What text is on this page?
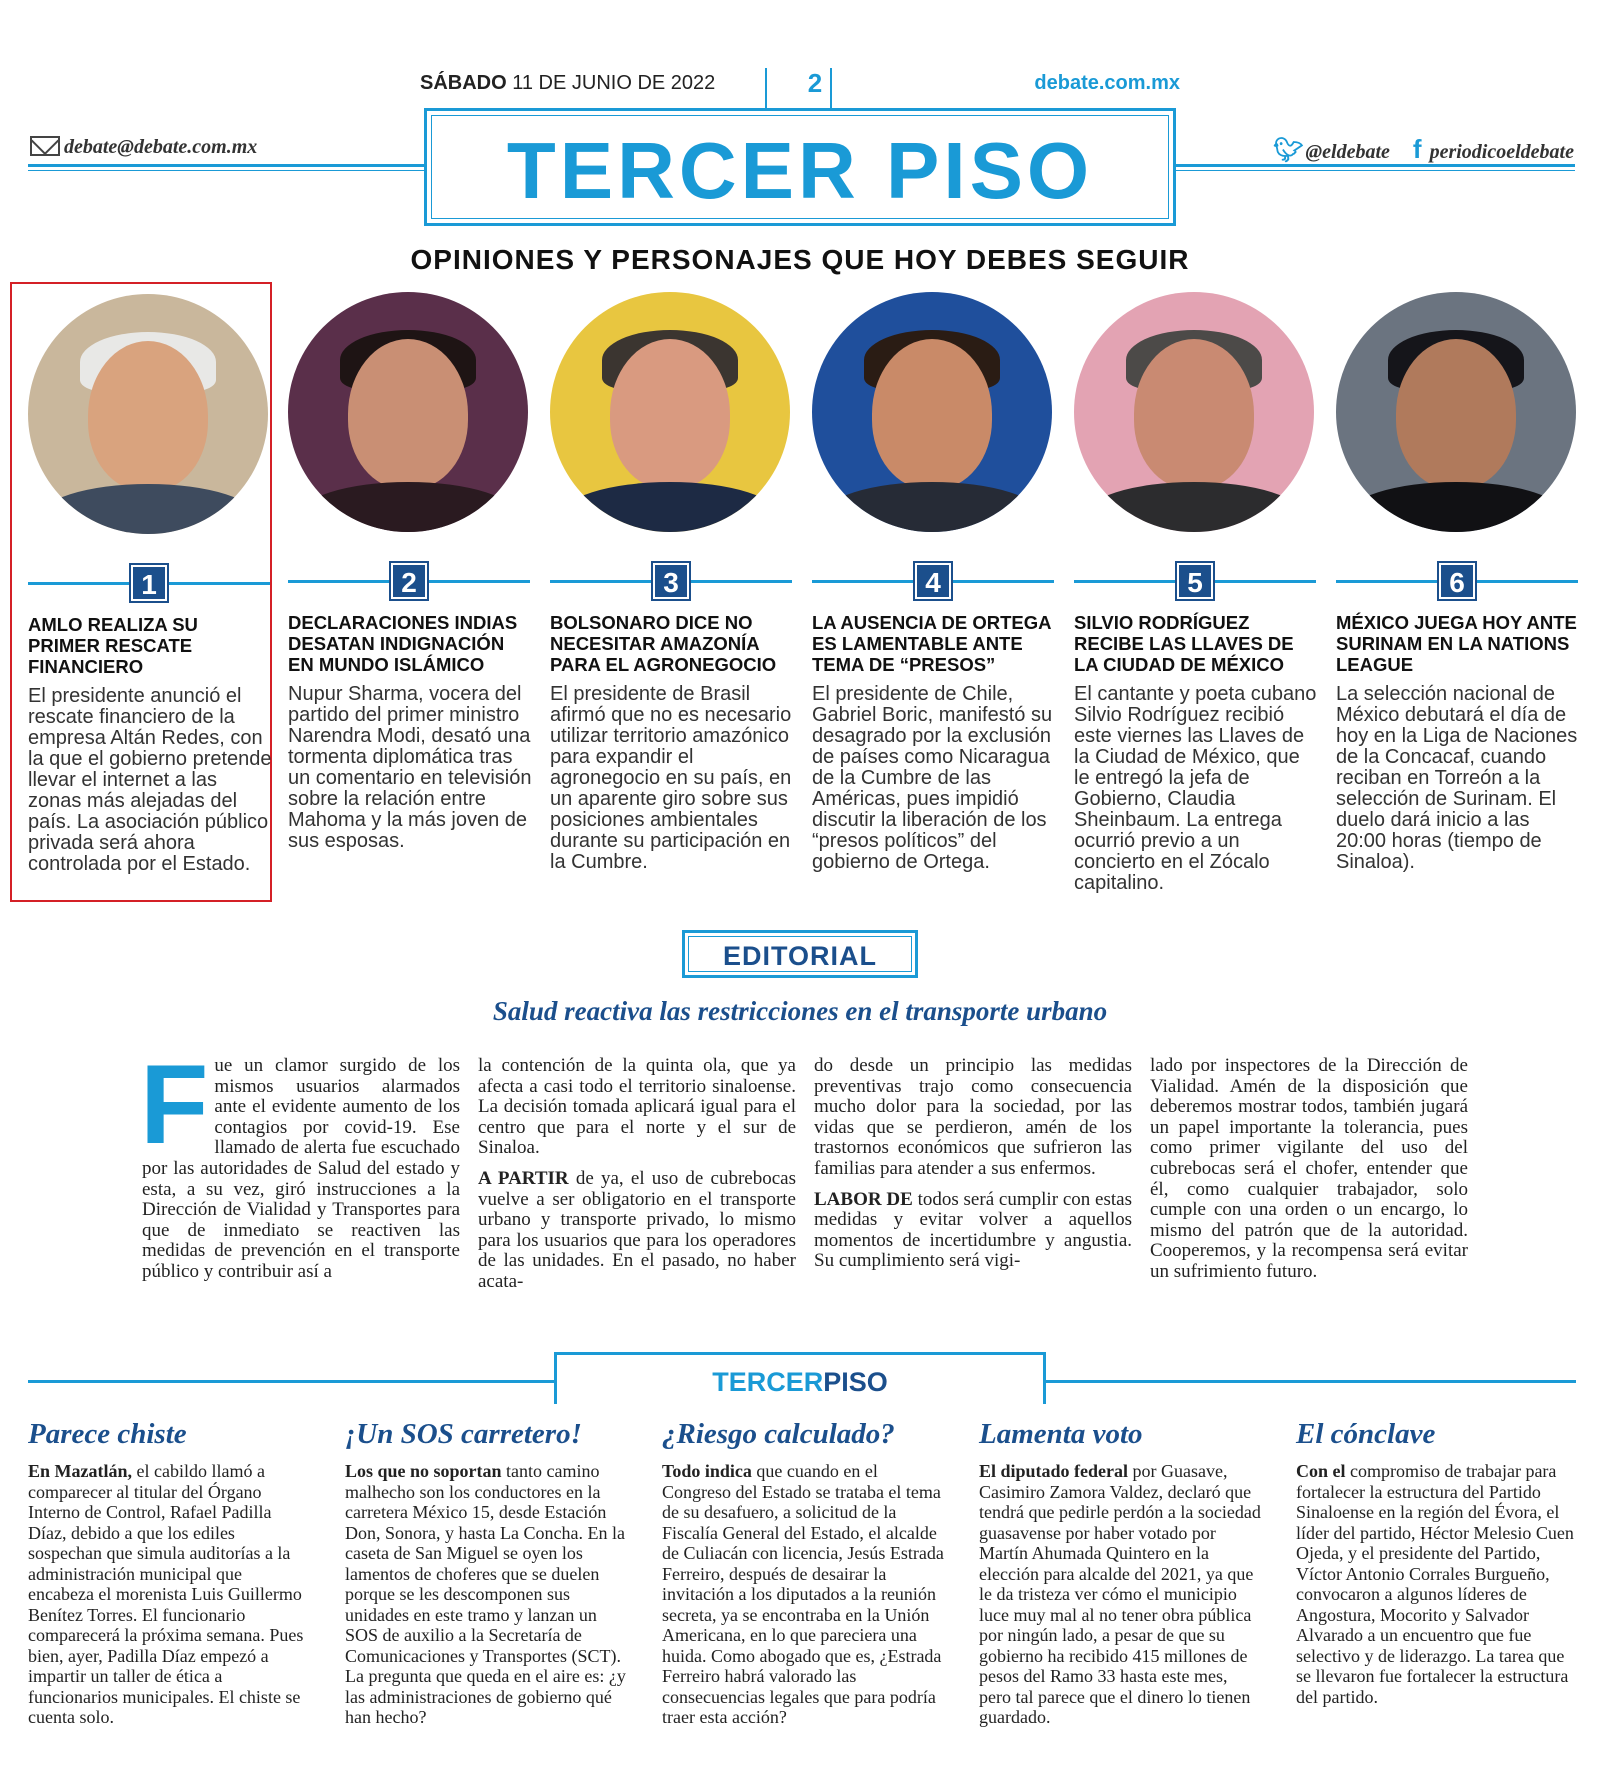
SÁBADO 11 DE JUNIO DE 2022	2	debate.com.mx
TERCER PISO
debate@debate.com.mx	🐦︎ @eldebate f periodicoeldebate
OPINIONES Y PERSONAJES QUE HOY DEBES SEGUIR
1
AMLO REALIZA SU PRIMER RESCATE FINANCIERO
El presidente anunció el rescate financiero de la empresa Altán Redes, con la que el gobierno pretende llevar el internet a las zonas más alejadas del país. La asociación público privada será ahora controlada por el Estado.
2
DECLARACIONES INDIAS DESATAN INDIGNACIÓN EN MUNDO ISLÁMICO
Nupur Sharma, vocera del partido del primer ministro Narendra Modi, desató una tormenta diplomática tras un comentario en televisión sobre la relación entre Mahoma y la más joven de sus esposas.
3
BOLSONARO DICE NO NECESITAR AMAZONÍA PARA EL AGRONEGOCIO
El presidente de Brasil afirmó que no es necesario utilizar territorio amazónico para expandir el agronegocio en su país, en un aparente giro sobre sus posiciones ambientales durante su participación en la Cumbre.
4
LA AUSENCIA DE ORTEGA ES LAMENTABLE ANTE TEMA DE “PRESOS”
El presidente de Chile, Gabriel Boric, manifestó su desagrado por la exclusión de países como Nicaragua de la Cumbre de las Américas, pues impidió discutir la liberación de los “presos políticos” del gobierno de Ortega.
5
SILVIO RODRÍGUEZ RECIBE LAS LLAVES DE LA CIUDAD DE MÉXICO
El cantante y poeta cubano Silvio Rodríguez recibió este viernes las Llaves de la Ciudad de México, que le entregó la jefa de Gobierno, Claudia Sheinbaum. La entrega ocurrió previo a un concierto en el Zócalo capitalino.
6
MÉXICO JUEGA HOY ANTE SURINAM EN LA NATIONS LEAGUE
La selección nacional de México debutará el día de hoy en la Liga de Naciones de la Concacaf, cuando reciban en Torreón a la selección de Surinam. El duelo dará inicio a las 20:00 horas (tiempo de Sinaloa).
EDITORIAL
Salud reactiva las restricciones en el transporte urbano

Fue un clamor surgido de los mismos usuarios alarmados ante el evidente aumento de los contagios por covid-19. Ese llamado de alerta fue escuchado por las autoridades de Salud del estado y esta, a su vez, giró instrucciones a la Dirección de Vialidad y Transportes para que de inmediato se reactiven las medidas de prevención en el transporte público y contribuir así a

la contención de la quinta ola, que ya afecta a casi todo el territorio sinaloense. La decisión tomada aplicará igual para el centro que para el norte y el sur de Sinaloa.

A PARTIR de ya, el uso de cubrebocas vuelve a ser obligatorio en el transporte urbano y transporte privado, lo mismo para los usuarios que para los operadores de las unidades. En el pasado, no haber acata-

do desde un principio las medidas preventivas trajo como consecuencia mucho dolor para la sociedad, por las vidas que se perdieron, amén de los trastornos económicos que sufrieron las familias para atender a sus enfermos.

LABOR DE todos será cumplir con estas medidas y evitar volver a aquellos momentos de incertidumbre y angustia. Su cumplimiento será vigi-

lado por inspectores de la Dirección de Vialidad. Amén de la disposición que deberemos mostrar todos, también jugará un papel importante la tolerancia, pues como primer vigilante del uso del cubrebocas será el chofer, entender que él, como cualquier trabajador, solo cumple con una orden o un encargo, lo mismo del patrón que de la autoridad. Cooperemos, y la recompensa será evitar un sufrimiento futuro.

TERCERPISO
Parece chiste
En Mazatlán, el cabildo llamó a comparecer al titular del Órgano Interno de Control, Rafael Padilla Díaz, debido a que los ediles sospechan que simula auditorías a la administración municipal que encabeza el morenista Luis Guillermo Benítez Torres. El funcionario comparecerá la próxima semana. Pues bien, ayer, Padilla Díaz empezó a impartir un taller de ética a funcionarios municipales. El chiste se cuenta solo.
¡Un SOS carretero!
Los que no soportan tanto camino malhecho son los conductores en la carretera México 15, desde Estación Don, Sonora, y hasta La Concha. En la caseta de San Miguel se oyen los lamentos de choferes que se duelen porque se les descomponen sus unidades en este tramo y lanzan un SOS de auxilio a la Secretaría de Comunicaciones y Transportes (SCT). La pregunta que queda en el aire es: ¿y las administraciones de gobierno qué han hecho?
¿Riesgo calculado?
Todo indica que cuando en el Congreso del Estado se trataba el tema de su desafuero, a solicitud de la Fiscalía General del Estado, el alcalde de Culiacán con licencia, Jesús Estrada Ferreiro, después de desairar la invitación a los diputados a la reunión secreta, ya se encontraba en la Unión Americana, en lo que pareciera una huida. Como abogado que es, ¿Estrada Ferreiro habrá valorado las consecuencias legales que para podría traer esta acción?
Lamenta voto
El diputado federal por Guasave, Casimiro Zamora Valdez, declaró que tendrá que pedirle perdón a la sociedad guasavense por haber votado por Martín Ahumada Quintero en la elección para alcalde del 2021, ya que le da tristeza ver cómo el municipio luce muy mal al no tener obra pública por ningún lado, a pesar de que su gobierno ha recibido 415 millones de pesos del Ramo 33 hasta este mes, pero tal parece que el dinero lo tienen guardado.
El cónclave
Con el compromiso de trabajar para fortalecer la estructura del Partido Sinaloense en la región del Évora, el líder del partido, Héctor Melesio Cuen Ojeda, y el presidente del Partido, Víctor Antonio Corrales Burgueño, convocaron a algunos líderes de Angostura, Mocorito y Salvador Alvarado a un encuentro que fue selectivo y de liderazgo. La tarea que se llevaron fue fortalecer la estructura del partido.
